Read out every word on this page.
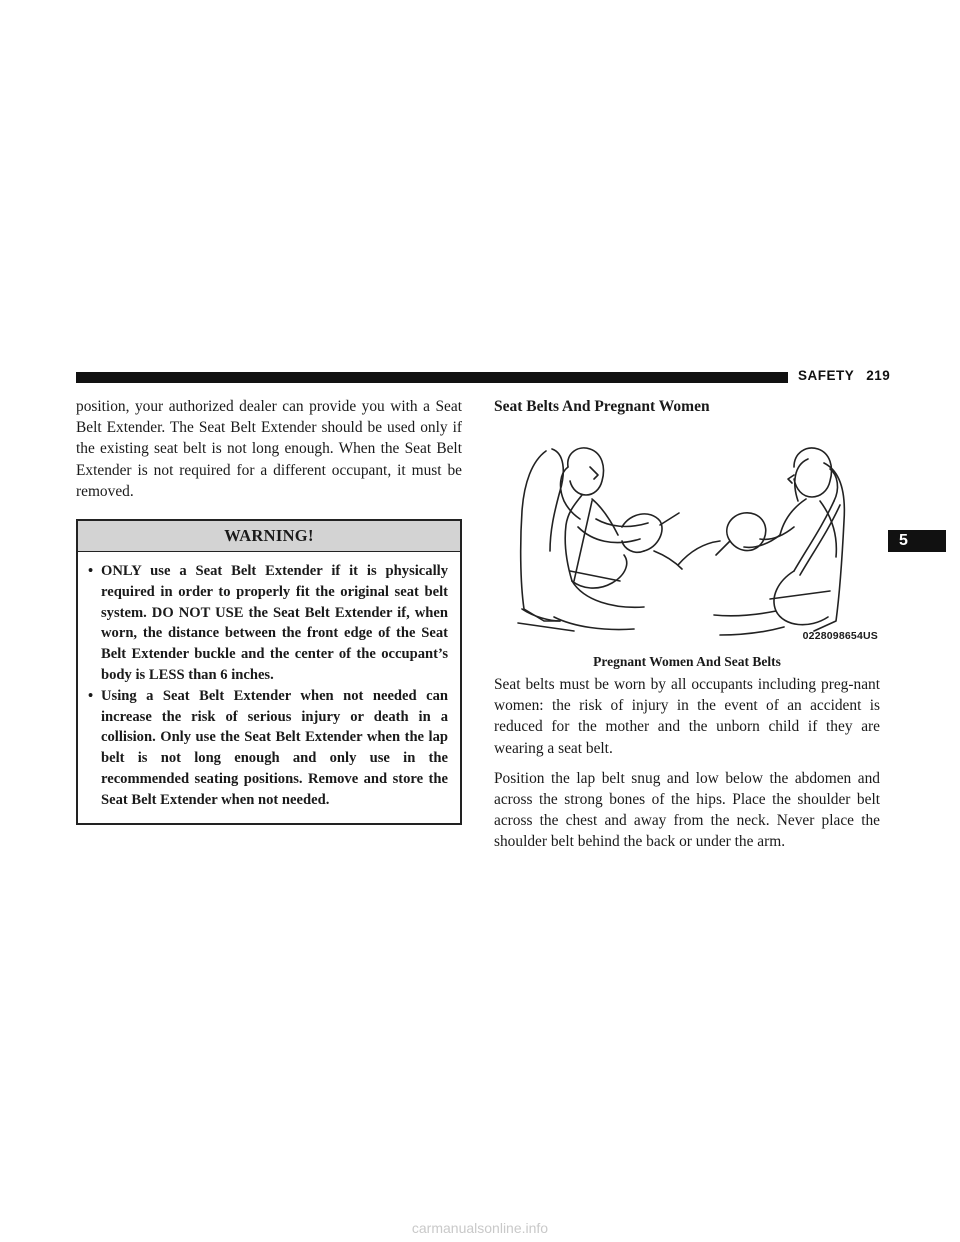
SAFETY 219
5

position, your authorized dealer can provide you with a Seat Belt Extender. The Seat Belt Extender should be used only if the existing seat belt is not long enough. When the Seat Belt Extender is not required for a different occupant, it must be removed.

WARNING!
• ONLY use a Seat Belt Extender if it is physically required in order to properly fit the original seat belt system. DO NOT USE the Seat Belt Extender if, when worn, the distance between the front edge of the Seat Belt Extender buckle and the center of the occupant’s body is LESS than 6 inches.
• Using a Seat Belt Extender when not needed can increase the risk of serious injury or death in a collision. Only use the Seat Belt Extender when the lap belt is not long enough and only use in the recommended seating positions. Remove and store the Seat Belt Extender when not needed.
Seat Belts And Pregnant Women
0228098654US
Pregnant Women And Seat Belts

Seat belts must be worn by all occupants including preg-nant women: the risk of injury in the event of an accident is reduced for the mother and the unborn child if they are wearing a seat belt.

Position the lap belt snug and low below the abdomen and across the strong bones of the hips. Place the shoulder belt across the chest and away from the neck. Never place the shoulder belt behind the back or under the arm.

carmanualsonline.info
